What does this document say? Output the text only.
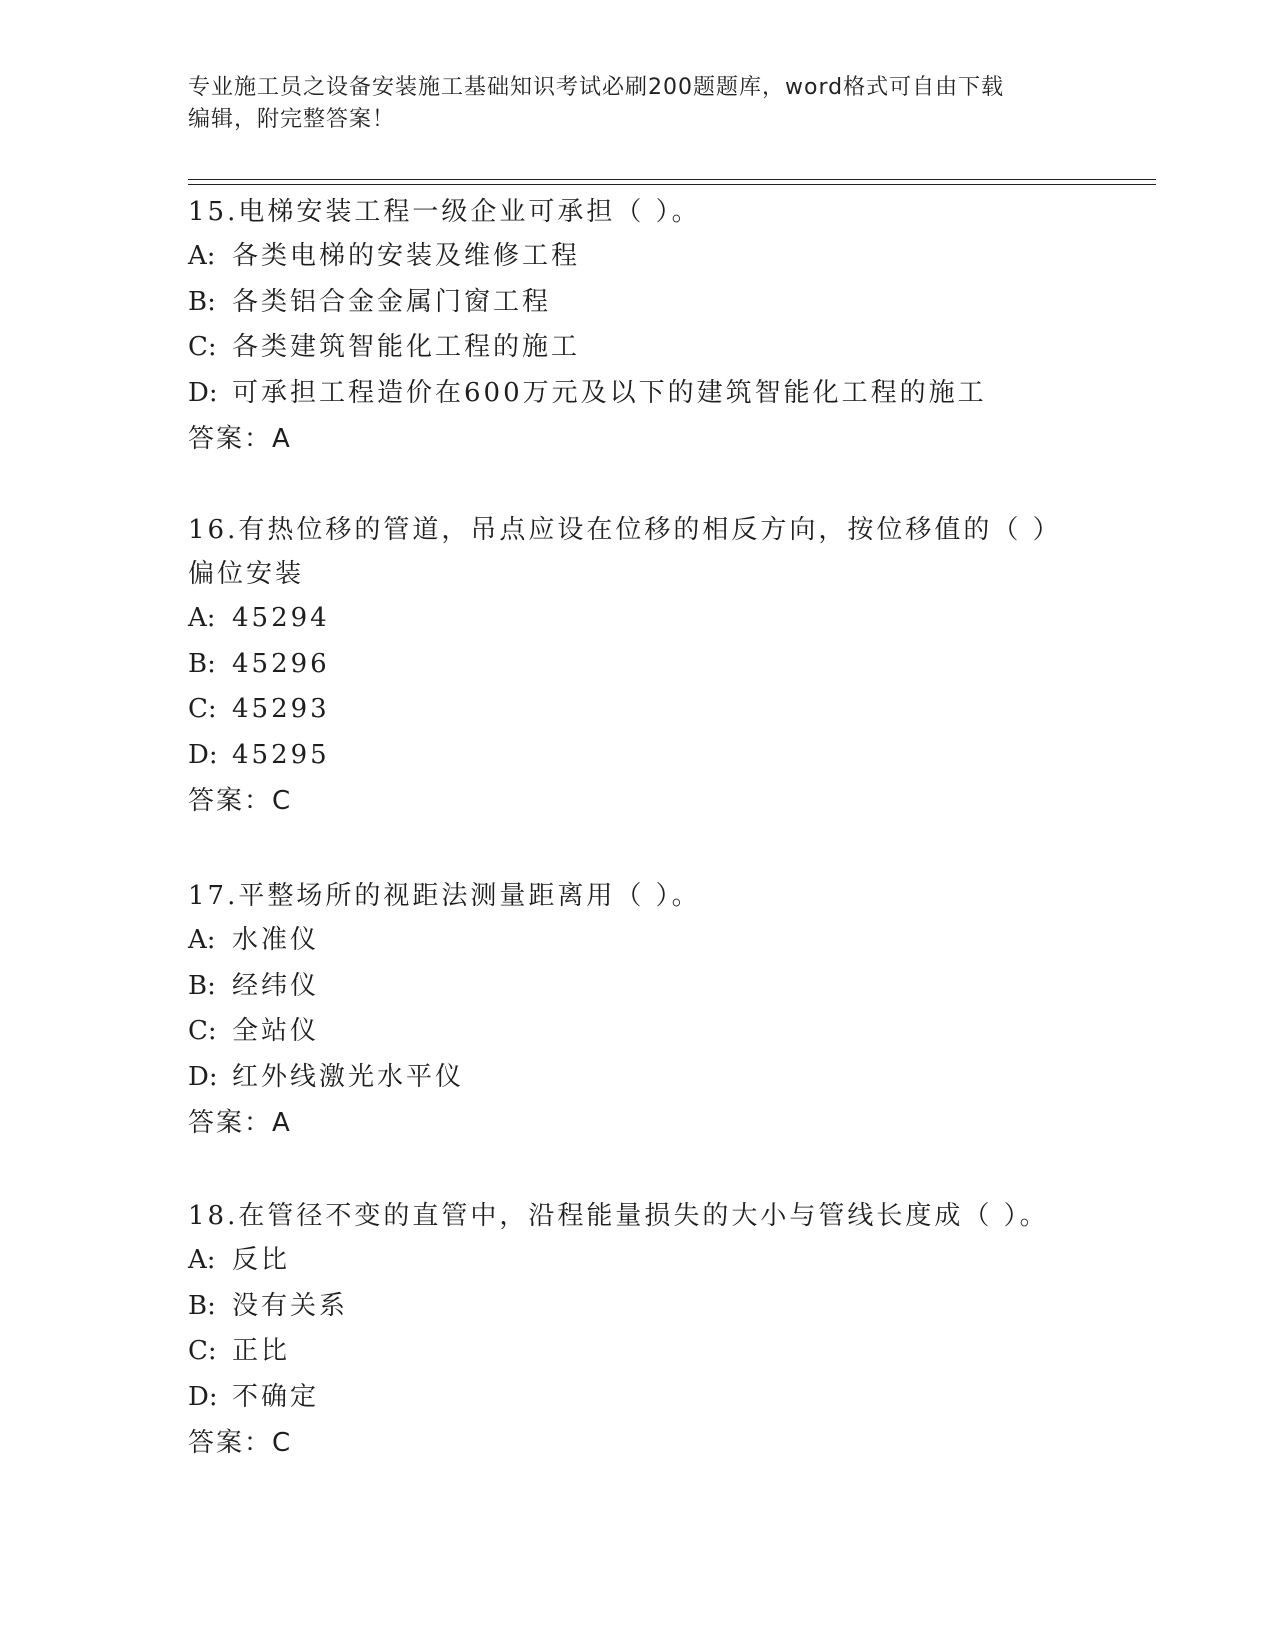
专业施工员之设备安装施工基础知识考试必刷200题题库，word格式可自由下载
编辑，附完整答案！

15.电梯安装工程一级企业可承担（ ）。

A: 各类电梯的安装及维修工程

B: 各类铝合金金属门窗工程

C: 各类建筑智能化工程的施工

D: 可承担工程造价在600万元及以下的建筑智能化工程的施工

答案：A

16.有热位移的管道，吊点应设在位移的相反方向，按位移值的（ ）

偏位安装

A: 45294

B: 45296

C: 45293

D: 45295

答案：C

17.平整场所的视距法测量距离用（ ）。

A: 水准仪

B: 经纬仪

C: 全站仪

D: 红外线激光水平仪

答案：A

18.在管径不变的直管中，沿程能量损失的大小与管线长度成（ ）。

A: 反比

B: 没有关系

C: 正比

D: 不确定

答案：C
